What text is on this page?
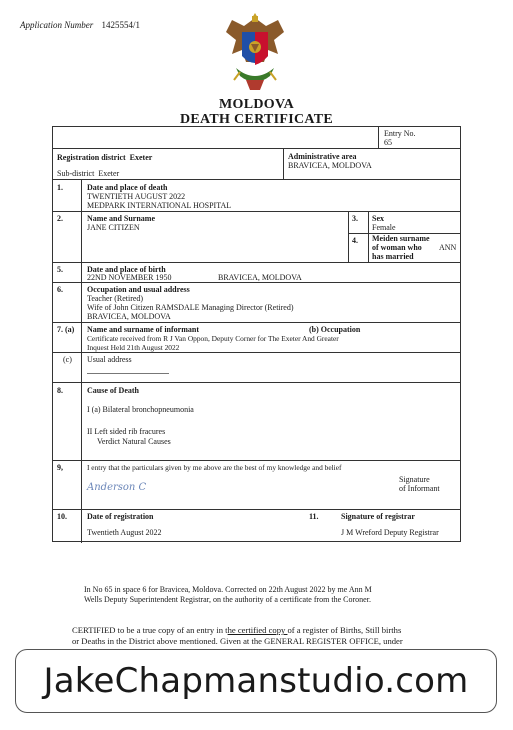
Application Number 1425554/1
MOLDOVA
DEATH CERTIFICATE
Entry No.
65
Registration district Exeter	Administrative area
BRAVICEA, MOLDOVA
Sub-district Exeter
1.	Date and place of death
TWENTIETH AUGUST 2022
MEDPARK INTERNATIONAL HOSPITAL
2.	Name and Surname
JANE CITIZEN
3. Sex
Female
4. Meiden surname
of woman who
has married
ANN
5.	Date and place of birth
22ND NOVEMBER 1950	BRAVICEA, MOLDOVA
6.	Occupation and usual address
Teacher (Retired)
Wife of John Citizen RAMSDALE Managing Director (Retired)
BRAVICEA, MOLDOVA
7. (a) Name and surname of informant	(b) Occupation
Certificate received from R J Van Oppon, Deputy Corner for The Exeter And Greater
Inquest Held 21th August 2022
(c) Usual address
8.	Cause of Death
I (a) Bilateral bronchopneumonia
II Left sided rib fracures
Verdict Natural Causes
9,	I entry that the particulars given by me above are the best of my knowledge and belief
Anderson C
Signature
of Informant
10.	Date of registration
Twentieth August 2022
11.	Signature of registrar
J M Wreford Deputy Registrar
In No 65 in space 6 for Bravicea, Moldova. Corrected on 22th August 2022 by me Ann M
Wells Deputy Superintendent Registrar, on the authority of a certificate from the Coroner.
CERTIFIED to be a true copy of an entry in the certified copy of a register of Births, Still births
or Deaths in the District above mentioned. Given at the GENERAL REGISTER OFFICE, under
JakeChapmanstudio.com
